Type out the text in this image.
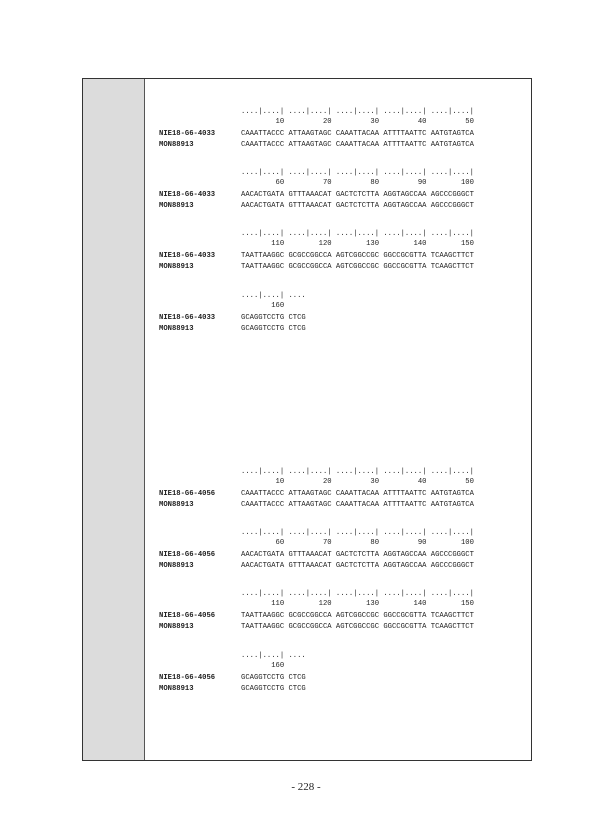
....|....| ....|....| ....|....| ....|....| ....|....|
10         20         30         40         50
NIE18-G6-4033	CAAATTACCC ATTAAGTAGC CAAATTACAA ATTTTAATTC AATGTAGTCA
MON88913	CAAATTACCC ATTAAGTAGC CAAATTACAA ATTTTAATTC AATGTAGTCA
....|....| ....|....| ....|....| ....|....| ....|....|
60         70         80         90        100
NIE18-G6-4033	AACACTGATA GTTTAAACAT GACTCTCTTA AGGTAGCCAA AGCCCGGGCT
MON88913	AACACTGATA GTTTAAACAT GACTCTCTTA AGGTAGCCAA AGCCCGGGCT
....|....| ....|....| ....|....| ....|....| ....|....|
110        120        130        140        150
NIE18-G6-4033	TAATTAAGGC GCGCCGGCCA AGTCGGCCGC GGCCGCGTTA TCAAGCTTCT
MON88913	TAATTAAGGC GCGCCGGCCA AGTCGGCCGC GGCCGCGTTA TCAAGCTTCT
....|....| ....
160
NIE18-G6-4033	GCAGGTCCTG CTCG
MON88913	GCAGGTCCTG CTCG
....|....| ....|....| ....|....| ....|....| ....|....|
10         20         30         40         50
NIE18-G6-4056	CAAATTACCC ATTAAGTAGC CAAATTACAA ATTTTAATTC AATGTAGTCA
MON88913	CAAATTACCC ATTAAGTAGC CAAATTACAA ATTTTAATTC AATGTAGTCA
....|....| ....|....| ....|....| ....|....| ....|....|
60         70         80         90        100
NIE18-G6-4056	AACACTGATA GTTTAAACAT GACTCTCTTA AGGTAGCCAA AGCCCGGGCT
MON88913	AACACTGATA GTTTAAACAT GACTCTCTTA AGGTAGCCAA AGCCCGGGCT
....|....| ....|....| ....|....| ....|....| ....|....|
110        120        130        140        150
NIE18-G6-4056	TAATTAAGGC GCGCCGGCCA AGTCGGCCGC GGCCGCGTTA TCAAGCTTCT
MON88913	TAATTAAGGC GCGCCGGCCA AGTCGGCCGC GGCCGCGTTA TCAAGCTTCT
....|....| ....
160
NIE18-G6-4056	GCAGGTCCTG CTCG
MON88913	GCAGGTCCTG CTCG
- 228 -
